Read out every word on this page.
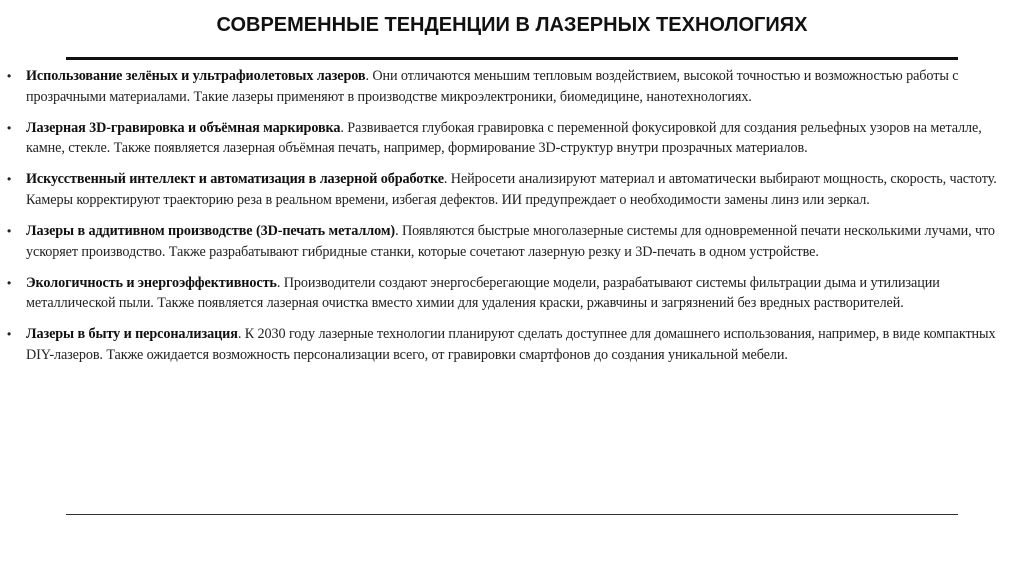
СОВРЕМЕННЫЕ ТЕНДЕНЦИИ В ЛАЗЕРНЫХ ТЕХНОЛОГИЯХ
• Использование зелёных и ультрафиолетовых лазеров. Они отличаются меньшим тепловым воздействием, высокой точностью и возможностью работы с прозрачными материалами. Такие лазеры применяют в производстве микроэлектроники, биомедицине, нанотехнологиях.
• Лазерная 3D-гравировка и объёмная маркировка. Развивается глубокая гравировка с переменной фокусировкой для создания рельефных узоров на металле, камне, стекле. Также появляется лазерная объёмная печать, например, формирование 3D-структур внутри прозрачных материалов.
• Искусственный интеллект и автоматизация в лазерной обработке. Нейросети анализируют материал и автоматически выбирают мощность, скорость, частоту. Камеры корректируют траекторию реза в реальном времени, избегая дефектов. ИИ предупреждает о необходимости замены линз или зеркал.
• Лазеры в аддитивном производстве (3D-печать металлом). Появляются быстрые многолазерные системы для одновременной печати несколькими лучами, что ускоряет производство. Также разрабатывают гибридные станки, которые сочетают лазерную резку и 3D-печать в одном устройстве.
• Экологичность и энергоэффективность. Производители создают энергосберегающие модели, разрабатывают системы фильтрации дыма и утилизации металлической пыли. Также появляется лазерная очистка вместо химии для удаления краски, ржавчины и загрязнений без вредных растворителей.
• Лазеры в быту и персонализация. К 2030 году лазерные технологии планируют сделать доступнее для домашнего использования, например, в виде компактных DIY-лазеров. Также ожидается возможность персонализации всего, от гравировки смартфонов до создания уникальной мебели.
